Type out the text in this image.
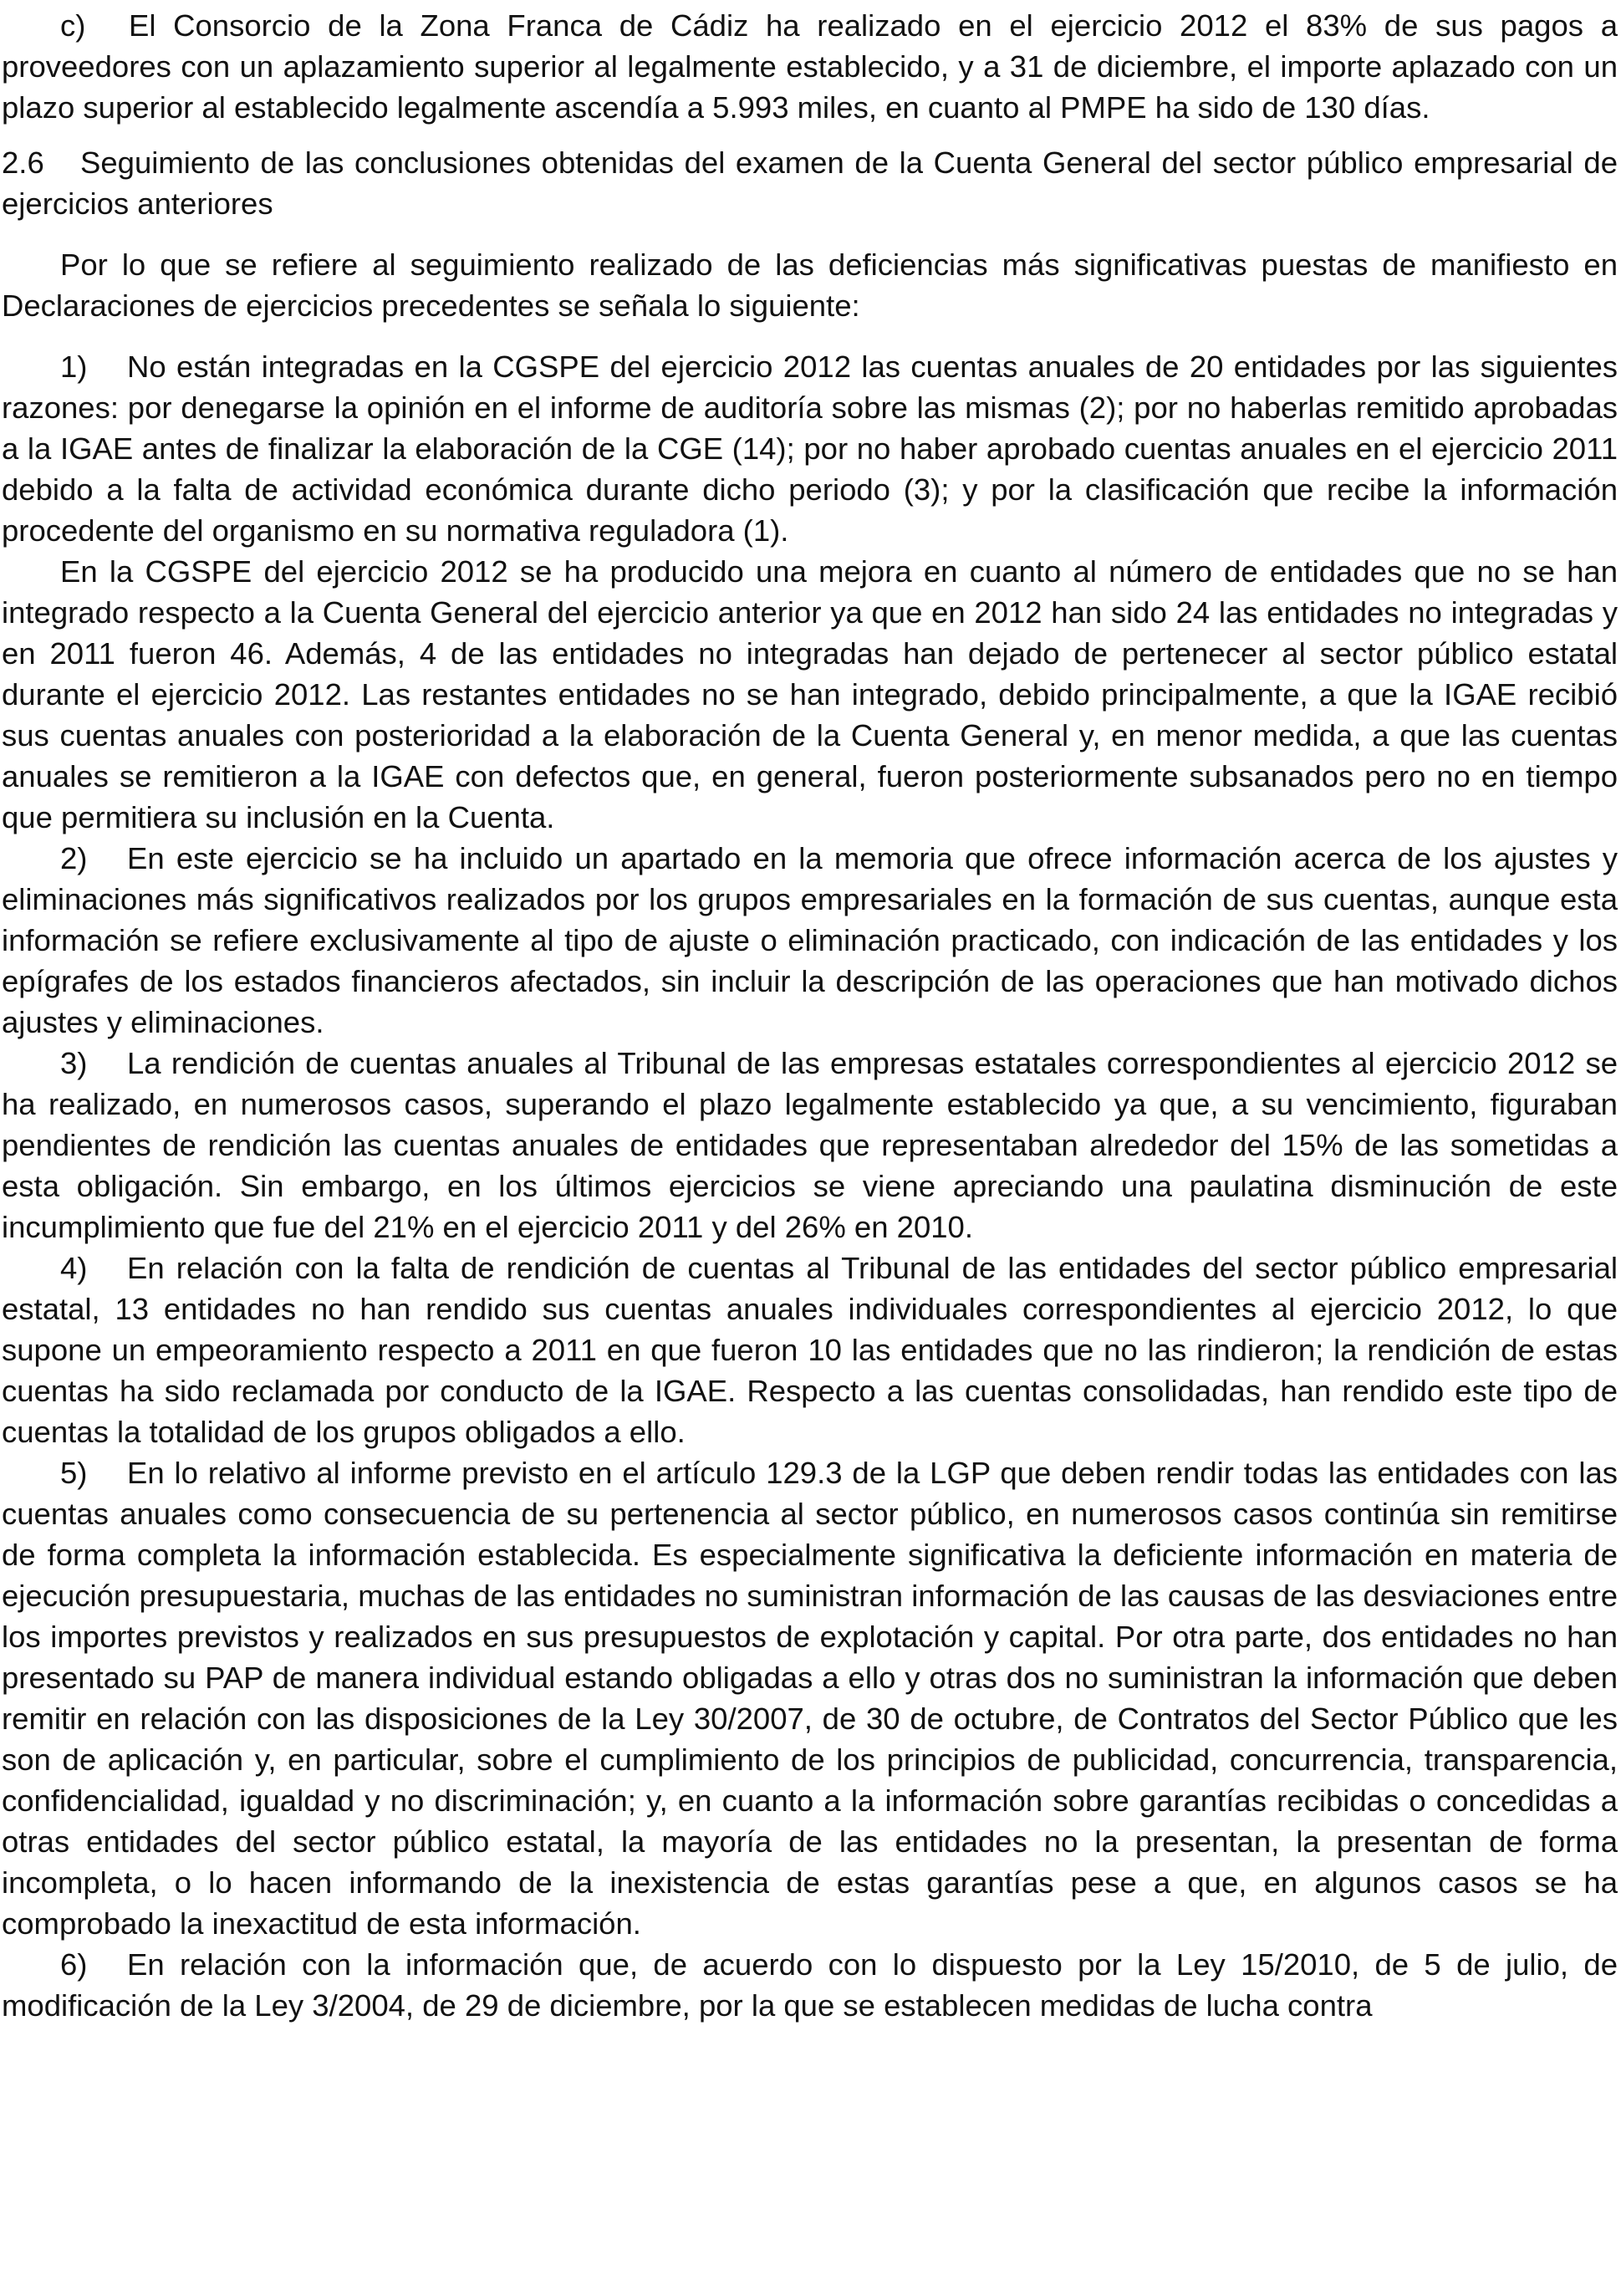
c) El Consorcio de la Zona Franca de Cádiz ha realizado en el ejercicio 2012 el 83% de sus pagos a proveedores con un aplazamiento superior al legalmente establecido, y a 31 de diciembre, el importe aplazado con un plazo superior al establecido legalmente ascendía a 5.993 miles, en cuanto al PMPE ha sido de 130 días.

2.6 Seguimiento de las conclusiones obtenidas del examen de la Cuenta General del sector público empresarial de ejercicios anteriores

Por lo que se refiere al seguimiento realizado de las deficiencias más significativas puestas de manifiesto en Declaraciones de ejercicios precedentes se señala lo siguiente:

1) No están integradas en la CGSPE del ejercicio 2012 las cuentas anuales de 20 entidades por las siguientes razones: por denegarse la opinión en el informe de auditoría sobre las mismas (2); por no haberlas remitido aprobadas a la IGAE antes de finalizar la elaboración de la CGE (14); por no haber aprobado cuentas anuales en el ejercicio 2011 debido a la falta de actividad económica durante dicho periodo (3); y por la clasificación que recibe la información procedente del organismo en su normativa reguladora (1).

En la CGSPE del ejercicio 2012 se ha producido una mejora en cuanto al número de entidades que no se han integrado respecto a la Cuenta General del ejercicio anterior ya que en 2012 han sido 24 las entidades no integradas y en 2011 fueron 46. Además, 4 de las entidades no integradas han dejado de pertenecer al sector público estatal durante el ejercicio 2012. Las restantes entidades no se han integrado, debido principalmente, a que la IGAE recibió sus cuentas anuales con posterioridad a la elaboración de la Cuenta General y, en menor medida, a que las cuentas anuales se remitieron a la IGAE con defectos que, en general, fueron posteriormente subsanados pero no en tiempo que permitiera su inclusión en la Cuenta.

2) En este ejercicio se ha incluido un apartado en la memoria que ofrece información acerca de los ajustes y eliminaciones más significativos realizados por los grupos empresariales en la formación de sus cuentas, aunque esta información se refiere exclusivamente al tipo de ajuste o eliminación practicado, con indicación de las entidades y los epígrafes de los estados financieros afectados, sin incluir la descripción de las operaciones que han motivado dichos ajustes y eliminaciones.

3) La rendición de cuentas anuales al Tribunal de las empresas estatales correspondientes al ejercicio 2012 se ha realizado, en numerosos casos, superando el plazo legalmente establecido ya que, a su vencimiento, figuraban pendientes de rendición las cuentas anuales de entidades que representaban alrededor del 15% de las sometidas a esta obligación. Sin embargo, en los últimos ejercicios se viene apreciando una paulatina disminución de este incumplimiento que fue del 21% en el ejercicio 2011 y del 26% en 2010.

4) En relación con la falta de rendición de cuentas al Tribunal de las entidades del sector público empresarial estatal, 13 entidades no han rendido sus cuentas anuales individuales correspondientes al ejercicio 2012, lo que supone un empeoramiento respecto a 2011 en que fueron 10 las entidades que no las rindieron; la rendición de estas cuentas ha sido reclamada por conducto de la IGAE. Respecto a las cuentas consolidadas, han rendido este tipo de cuentas la totalidad de los grupos obligados a ello.

5) En lo relativo al informe previsto en el artículo 129.3 de la LGP que deben rendir todas las entidades con las cuentas anuales como consecuencia de su pertenencia al sector público, en numerosos casos continúa sin remitirse de forma completa la información establecida. Es especialmente significativa la deficiente información en materia de ejecución presupuestaria, muchas de las entidades no suministran información de las causas de las desviaciones entre los importes previstos y realizados en sus presupuestos de explotación y capital. Por otra parte, dos entidades no han presentado su PAP de manera individual estando obligadas a ello y otras dos no suministran la información que deben remitir en relación con las disposiciones de la Ley 30/2007, de 30 de octubre, de Contratos del Sector Público que les son de aplicación y, en particular, sobre el cumplimiento de los principios de publicidad, concurrencia, transparencia, confidencialidad, igualdad y no discriminación; y, en cuanto a la información sobre garantías recibidas o concedidas a otras entidades del sector público estatal, la mayoría de las entidades no la presentan, la presentan de forma incompleta, o lo hacen informando de la inexistencia de estas garantías pese a que, en algunos casos se ha comprobado la inexactitud de esta información.

6) En relación con la información que, de acuerdo con lo dispuesto por la Ley 15/2010, de 5 de julio, de modificación de la Ley 3/2004, de 29 de diciembre, por la que se establecen medidas de lucha contra
